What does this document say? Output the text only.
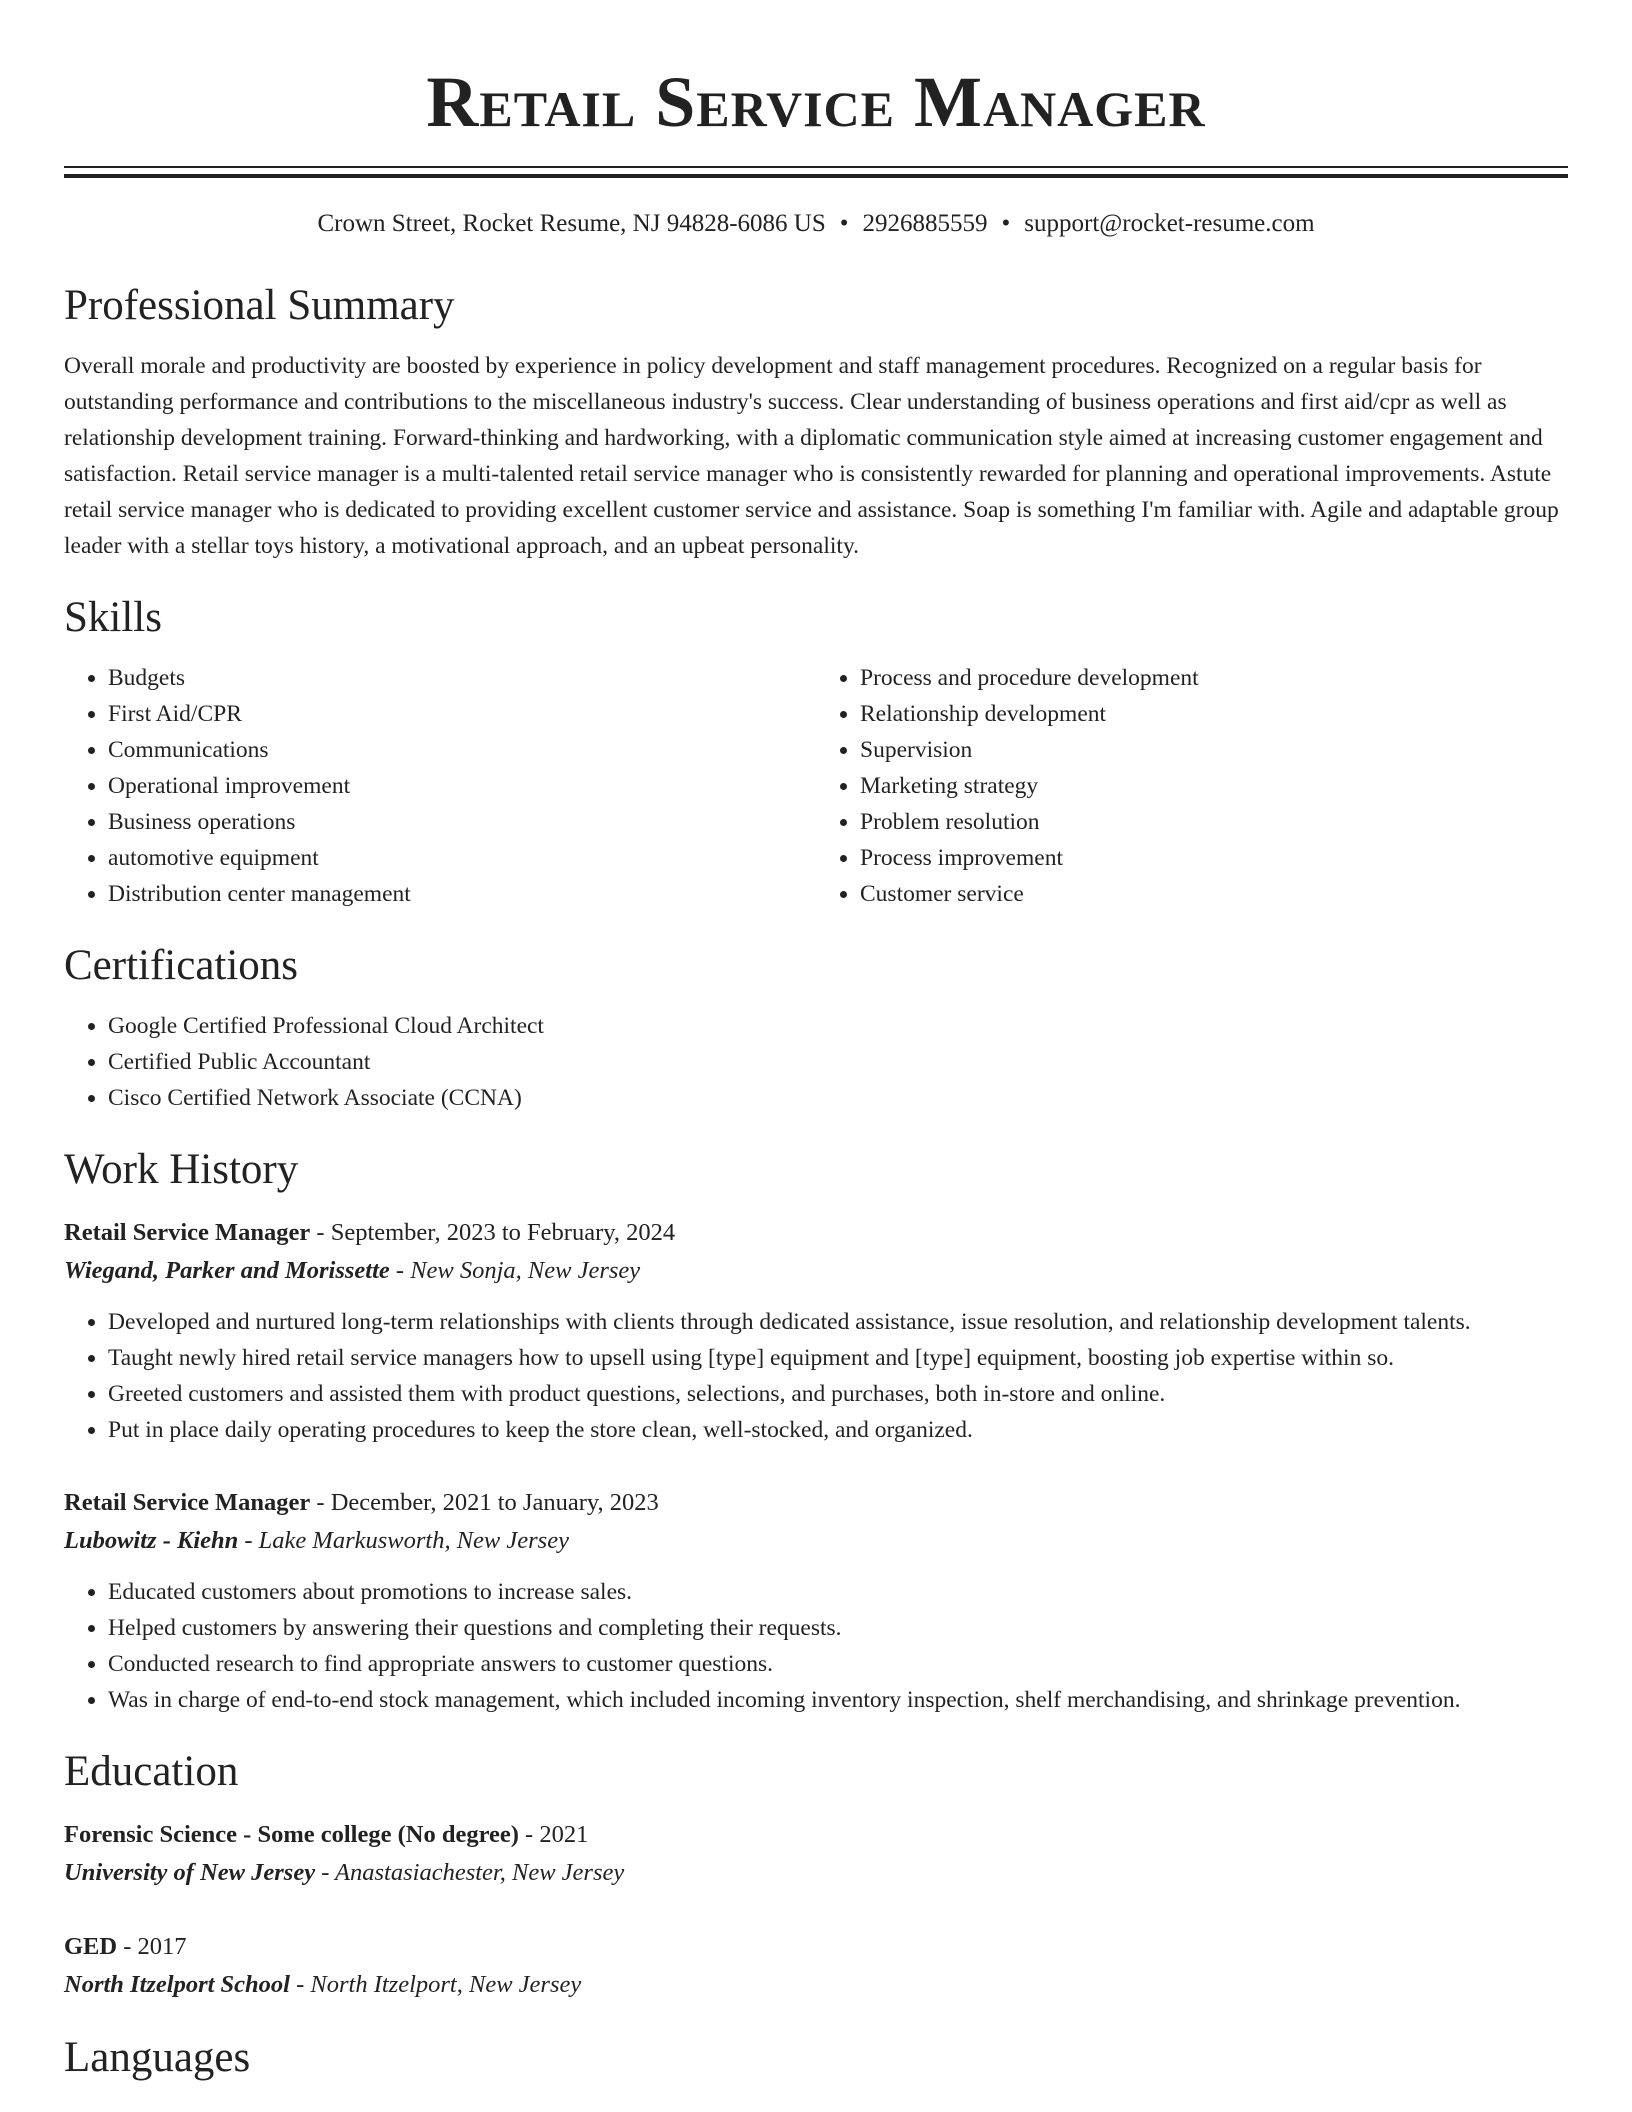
Retail Service Manager
Crown Street, Rocket Resume, NJ 94828-6086 US • 2926885559 • support@rocket-resume.com
Professional Summary

Overall morale and productivity are boosted by experience in policy development and staff management procedures. Recognized on a regular basis for outstanding performance and contributions to the miscellaneous industry's success. Clear understanding of business operations and first aid/cpr as well as relationship development training. Forward-thinking and hardworking, with a diplomatic communication style aimed at increasing customer engagement and satisfaction. Retail service manager is a multi-talented retail service manager who is consistently rewarded for planning and operational improvements. Astute retail service manager who is dedicated to providing excellent customer service and assistance. Soap is something I'm familiar with. Agile and adaptable group leader with a stellar toys history, a motivational approach, and an upbeat personality.

Skills
• Budgets
• First Aid/CPR
• Communications
• Operational improvement
• Business operations
• automotive equipment
• Distribution center management
• Process and procedure development
• Relationship development
• Supervision
• Marketing strategy
• Problem resolution
• Process improvement
• Customer service
Certifications
• Google Certified Professional Cloud Architect
• Certified Public Accountant
• Cisco Certified Network Associate (CCNA)
Work History
Retail Service Manager - September, 2023 to February, 2024
Wiegand, Parker and Morissette - New Sonja, New Jersey
• Developed and nurtured long-term relationships with clients through dedicated assistance, issue resolution, and relationship development talents.
• Taught newly hired retail service managers how to upsell using [type] equipment and [type] equipment, boosting job expertise within so.
• Greeted customers and assisted them with product questions, selections, and purchases, both in-store and online.
• Put in place daily operating procedures to keep the store clean, well-stocked, and organized.
Retail Service Manager - December, 2021 to January, 2023
Lubowitz - Kiehn - Lake Markusworth, New Jersey
• Educated customers about promotions to increase sales.
• Helped customers by answering their questions and completing their requests.
• Conducted research to find appropriate answers to customer questions.
• Was in charge of end-to-end stock management, which included incoming inventory inspection, shelf merchandising, and shrinkage prevention.
Education
Forensic Science - Some college (No degree) - 2021
University of New Jersey - Anastasiachester, New Jersey
GED - 2017
North Itzelport School - North Itzelport, New Jersey
Languages
